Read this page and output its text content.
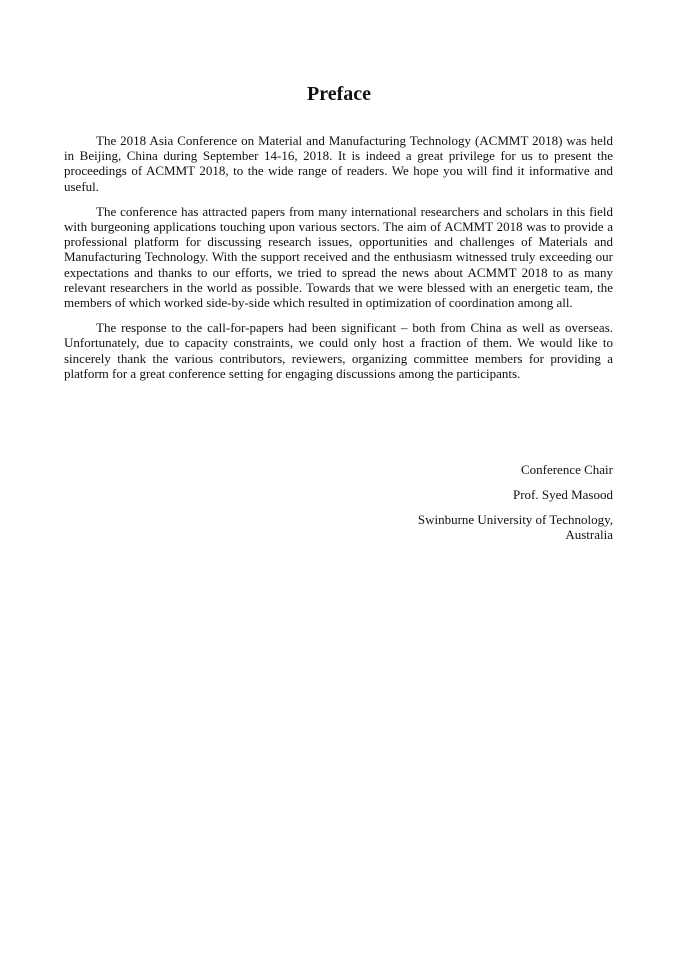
Preface

The 2018 Asia Conference on Material and Manufacturing Technology (ACMMT 2018) was held in Beijing, China during September 14-16, 2018. It is indeed a great privilege for us to present the proceedings of ACMMT 2018, to the wide range of readers. We hope you will find it informative and useful.

The conference has attracted papers from many international researchers and scholars in this field with burgeoning applications touching upon various sectors. The aim of ACMMT 2018 was to provide a professional platform for discussing research issues, opportunities and challenges of Materials and Manufacturing Technology. With the support received and the enthusiasm witnessed truly exceeding our expectations and thanks to our efforts, we tried to spread the news about ACMMT 2018 to as many relevant researchers in the world as possible. Towards that we were blessed with an energetic team, the members of which worked side-by-side which resulted in optimization of coordination among all.

The response to the call-for-papers had been significant – both from China as well as overseas. Unfortunately, due to capacity constraints, we could only host a fraction of them. We would like to sincerely thank the various contributors, reviewers, organizing committee members for providing a platform for a great conference setting for engaging discussions among the participants.

Conference Chair
Prof. Syed Masood
Swinburne University of Technology,
Australia
